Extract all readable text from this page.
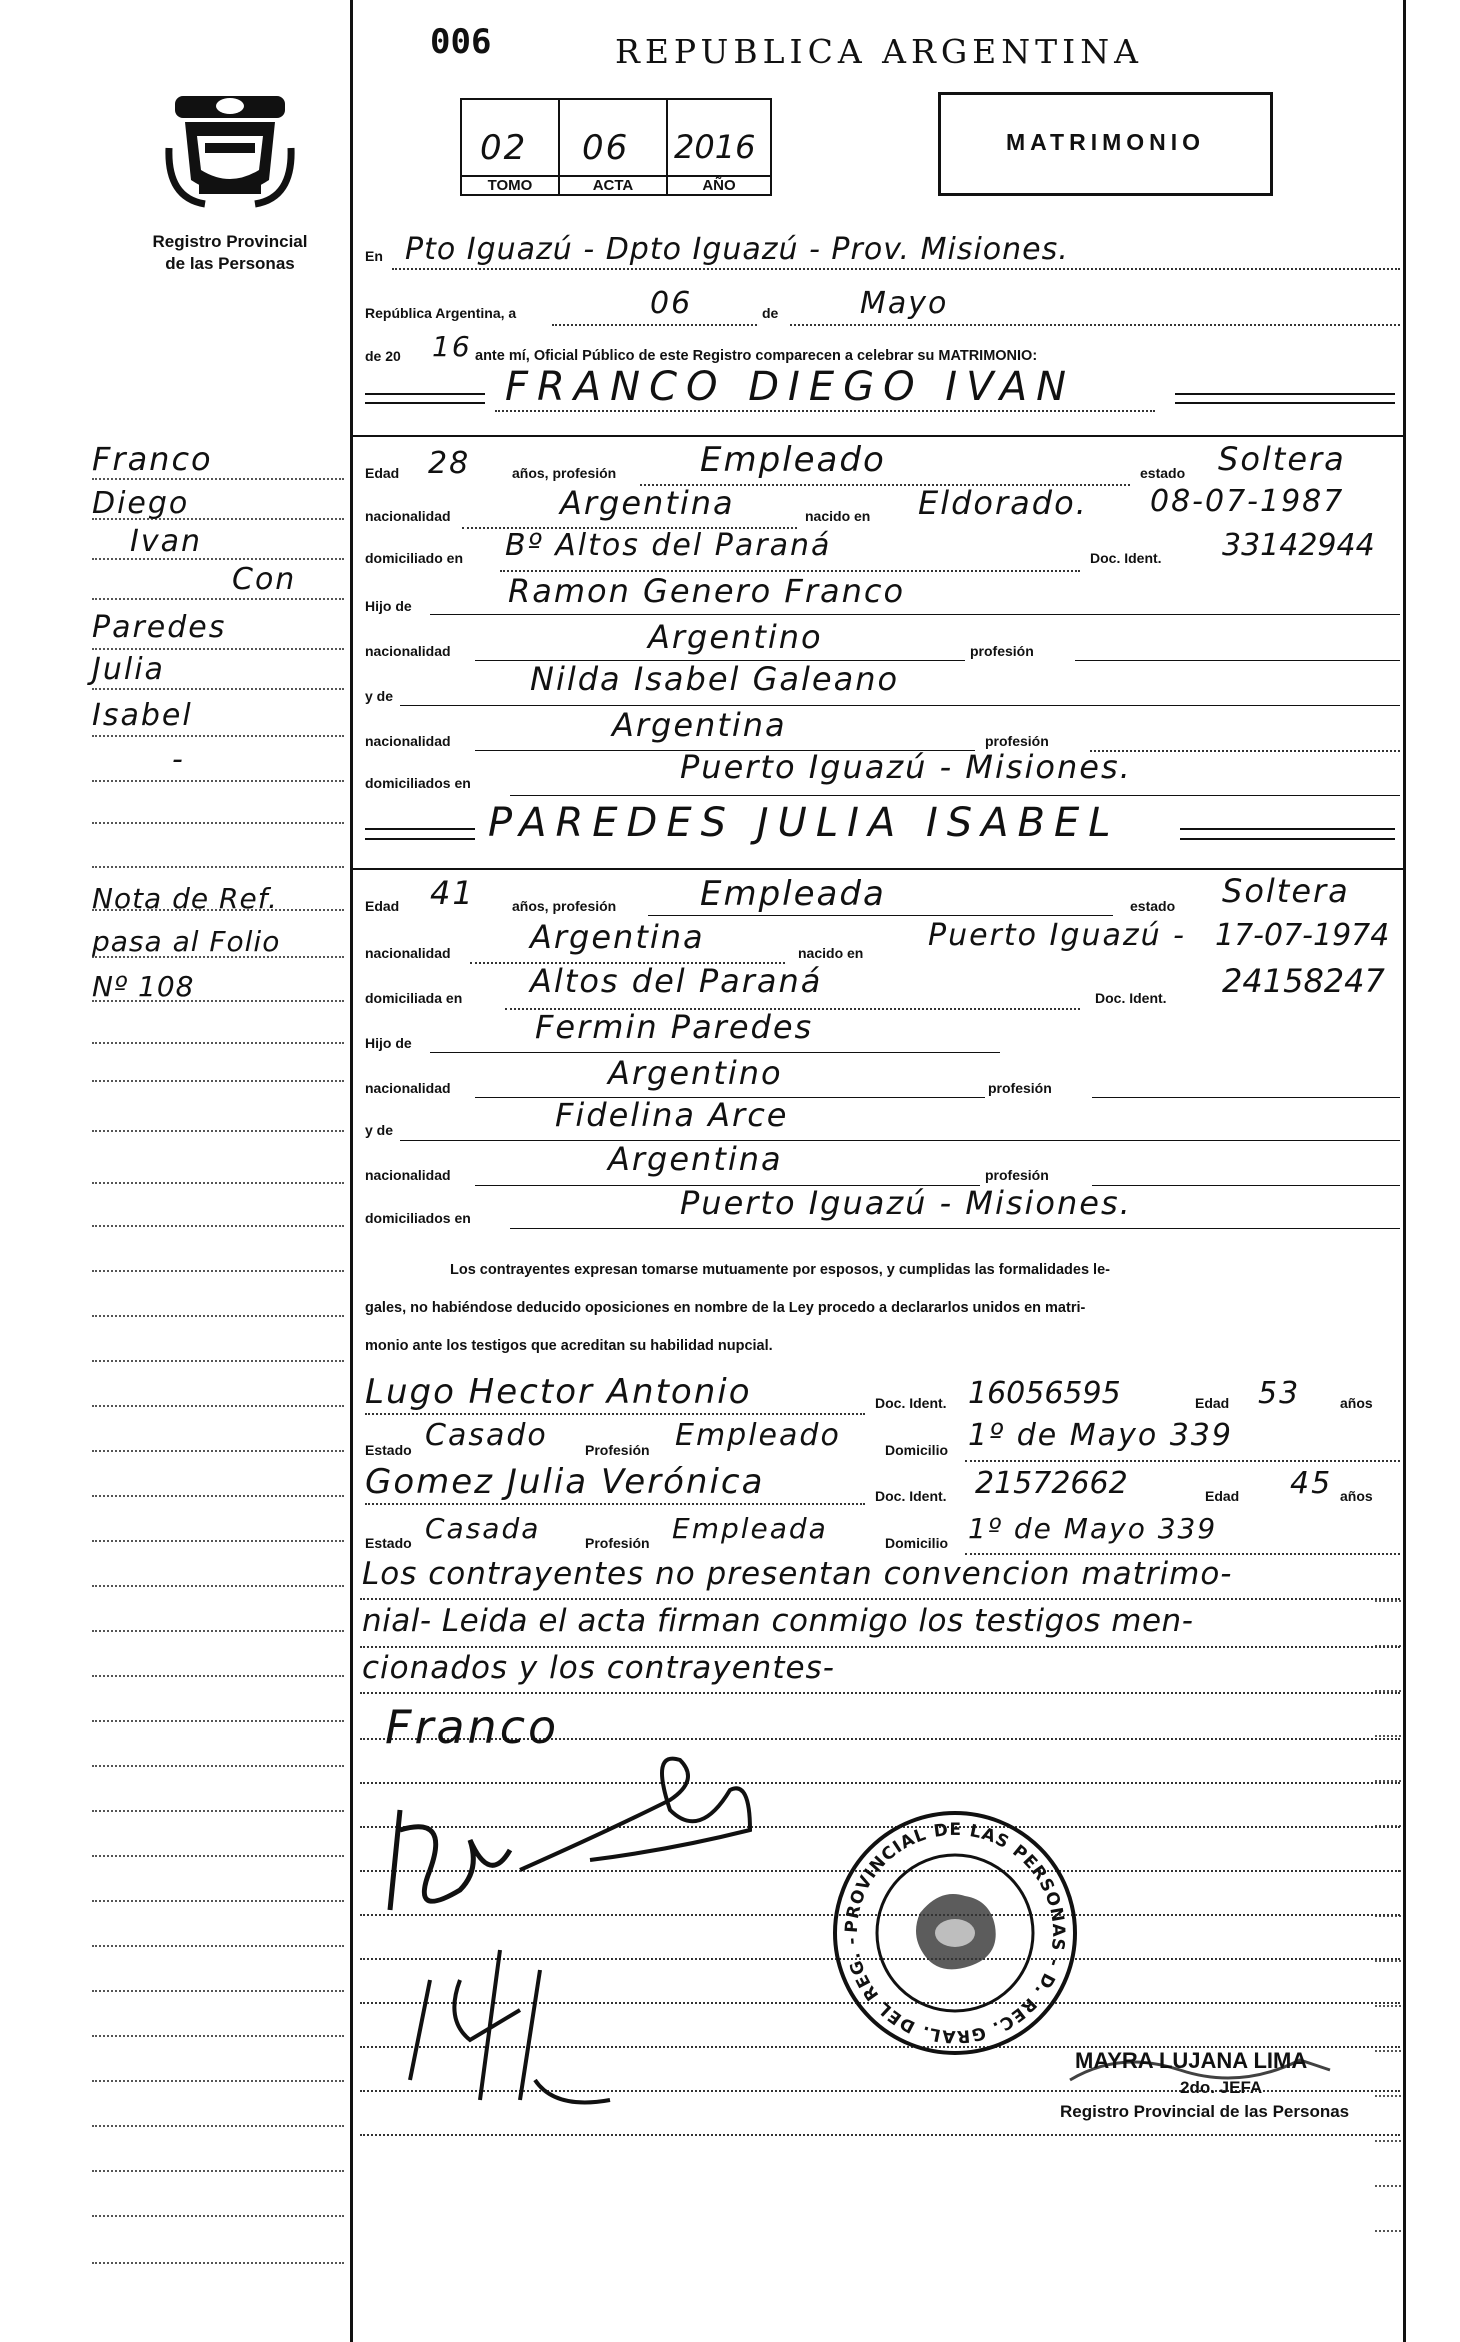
Registro Provincial
de las Personas
006	REPUBLICA ARGENTINA
02
TOMO
06
ACTA
2016
AÑO
MATRIMONIO
En Pto Iguazú - Dpto Iguazú - Prov. Misiones.
República Argentina, a	06	de	Mayo
de 20 16 ante mí, Oficial Público de este Registro comparecen a celebrar su MATRIMONIO:
FRANCO DIEGO IVAN
Edad 28	años, profesión Empleado	estado Soltera
nacionalidad	Argentina	nacido en Eldorado. 08-07-1987
domiciliado en Bº Altos del Paraná	Doc. Ident. 33142944
Hijo de	Ramon Genero Franco
nacionalidad	Argentino	profesión
y de	Nilda Isabel Galeano
nacionalidad	Argentina	profesión
domiciliados en	Puerto Iguazú - Misiones.
PAREDES JULIA ISABEL
Edad 41	años, profesión Empleada	estado Soltera
nacionalidad Argentina	nacido en Puerto Iguazú - 17-07-1974
domiciliada en Altos del Paraná	Doc. Ident. 24158247
Hijo de	Fermin Paredes
nacionalidad	Argentino	profesión
y de	Fidelina Arce
nacionalidad	Argentina	profesión
domiciliados en	Puerto Iguazú - Misiones.
Los contrayentes expresan tomarse mutuamente por esposos, y cumplidas las formalidades le-
gales, no habiéndose deducido oposiciones en nombre de la Ley procedo a declararlos unidos en matri-
monio ante los testigos que acreditan su habilidad nupcial.
Lugo Hector Antonio	Doc. Ident. 16056595	Edad 53	años
Estado Casado	Profesión Empleado	Domicilio 1º de Mayo 339
Gomez Julia Verónica	Doc. Ident. 21572662	Edad 45 años
Estado Casada	Profesión Empleada	Domicilio 1º de Mayo 339
Los contrayentes no presentan convencion matrimo-
nial- Leida el acta firman conmigo los testigos men-
cionados y los contrayentes-
Franco
Diego
Ivan
Con
Paredes
Julia
Isabel
-
Nota de Ref.
pasa al Folio
Nº 108
Franco
PROVINCIAL DE LAS PERSONAS - D. REC. GRAL. DEL REG. -
MAYRA LUJANA LIMA
2do. JEFA
Registro Provincial de las Personas
